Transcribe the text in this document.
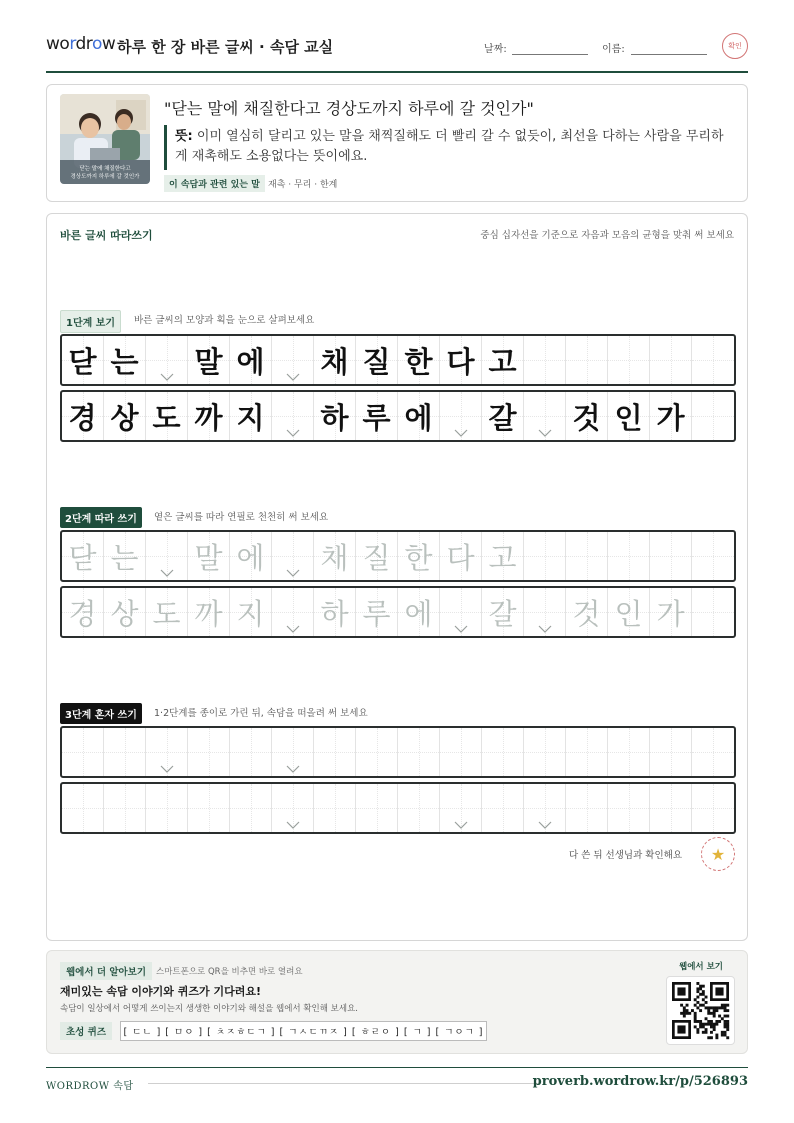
wordrow 하루 한 장 바른 글씨 · 속담 교실	날짜:	이름:	확인
닫는 말에 채질한다고
경상도까지 하루에 갈 것인가
"닫는 말에 채질한다고 경상도까지 하루에 갈 것인가"
뜻: 이미 열심히 달리고 있는 말을 채찍질해도 더 빨리 갈 수 없듯이, 최선을 다하는 사람을 무리하게 재촉해도 소용없다는 뜻이에요.
이 속담과 관련 있는 말 재촉 · 무리 · 한계
바른 글씨 따라쓰기	중심 십자선을 기준으로 자음과 모음의 균형을 맞춰 써 보세요
1단계 보기	바른 글씨의 모양과 획을 눈으로 살펴보세요
닫 는 말 에 채 질 한 다 고
경 상 도 까 지 하 루 에 갈 것 인 가
2단계 따라 쓰기	옅은 글씨를 따라 연필로 천천히 써 보세요
닫 는 말 에 채 질 한 다 고
경 상 도 까 지 하 루 에 갈 것 인 가
3단계 혼자 쓰기	1·2단계를 종이로 가린 뒤, 속담을 떠올려 써 보세요
다 쓴 뒤 선생님과 확인해요	★
웹에서 더 알아보기	스마트폰으로 QR을 비추면 바로 열려요
재미있는 속담 이야기와 퀴즈가 기다려요!
속담이 일상에서 어떻게 쓰이는지 생생한 이야기와 해설을 웹에서 확인해 보세요.
초성 퀴즈	[ ㄷㄴ ] [ ㅁㅇ ] [ ㅊㅈㅎㄷㄱ ] [ ㄱㅅㄷㄲㅈ ] [ ㅎㄹㅇ ] [ ㄱ ] [ ㄱㅇㄱ ]
웹에서 보기
WORDROW 속담	proverb.wordrow.kr/p/526893
